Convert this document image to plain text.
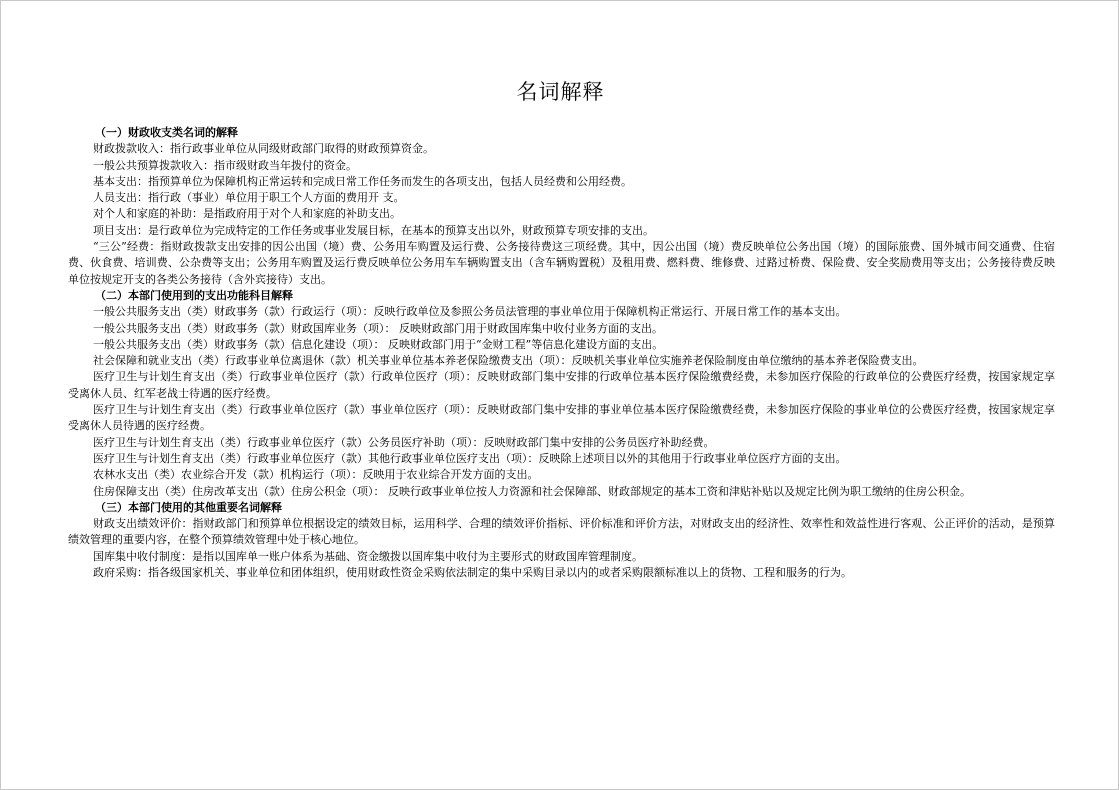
名词解释
（一）财政收支类名词的解释
财政拨款收入：指行政事业单位从同级财政部门取得的财政预算资金。
一般公共预算拨款收入：指市级财政当年拨付的资金。
基本支出：指预算单位为保障机构正常运转和完成日常工作任务而发生的各项支出，包括人员经费和公用经费。
人员支出：指行政（事业）单位用于职工个人方面的费用开 支。
对个人和家庭的补助：是指政府用于对个人和家庭的补助支出。
项目支出：是行政单位为完成特定的工作任务或事业发展目标，在基本的预算支出以外，财政预算专项安排的支出。
“三公”经费：指财政拨款支出安排的因公出国（境）费、公务用车购置及运行费、公务接待费这三项经费。其中，因公出国（境）费反映单位公务出国（境）的国际旅费、国外城市间交通费、住宿费、伙食费、培训费、公杂费等支出；公务用车购置及运行费反映单位公务用车车辆购置支出（含车辆购置税）及租用费、燃料费、维修费、过路过桥费、保险费、安全奖励费用等支出；公务接待费反映单位按规定开支的各类公务接待（含外宾接待）支出。
（二）本部门使用到的支出功能科目解释
一般公共服务支出（类）财政事务（款）行政运行（项）：反映行政单位及参照公务员法管理的事业单位用于保障机构正常运行、开展日常工作的基本支出。
一般公共服务支出（类）财政事务（款）财政国库业务（项）： 反映财政部门用于财政国库集中收付业务方面的支出。
一般公共服务支出（类）财政事务（款）信息化建设（项）： 反映财政部门用于“金财工程”等信息化建设方面的支出。
社会保障和就业支出（类）行政事业单位离退休（款）机关事业单位基本养老保险缴费支出（项）：反映机关事业单位实施养老保险制度由单位缴纳的基本养老保险费支出。
医疗卫生与计划生育支出（类）行政事业单位医疗（款）行政单位医疗（项）：反映财政部门集中安排的行政单位基本医疗保险缴费经费，未参加医疗保险的行政单位的公费医疗经费，按国家规定享受离休人员、红军老战士待遇的医疗经费。
医疗卫生与计划生育支出（类）行政事业单位医疗（款）事业单位医疗（项）：反映财政部门集中安排的事业单位基本医疗保险缴费经费，未参加医疗保险的事业单位的公费医疗经费，按国家规定享受离休人员待遇的医疗经费。
医疗卫生与计划生育支出（类）行政事业单位医疗（款）公务员医疗补助（项）：反映财政部门集中安排的公务员医疗补助经费。
医疗卫生与计划生育支出（类）行政事业单位医疗（款）其他行政事业单位医疗支出（项）：反映除上述项目以外的其他用于行政事业单位医疗方面的支出。
农林水支出（类）农业综合开发（款）机构运行（项）：反映用于农业综合开发方面的支出。
住房保障支出（类）住房改革支出（款）住房公积金（项）： 反映行政事业单位按人力资源和社会保障部、财政部规定的基本工资和津贴补贴以及规定比例为职工缴纳的住房公积金。
（三）本部门使用的其他重要名词解释
财政支出绩效评价：指财政部门和预算单位根据设定的绩效目标，运用科学、合理的绩效评价指标、评价标准和评价方法，对财政支出的经济性、效率性和效益性进行客观、公正评价的活动，是预算绩效管理的重要内容，在整个预算绩效管理中处于核心地位。
国库集中收付制度：是指以国库单一账户体系为基础、资金缴拨以国库集中收付为主要形式的财政国库管理制度。
政府采购：指各级国家机关、事业单位和团体组织，使用财政性资金采购依法制定的集中采购目录以内的或者采购限额标准以上的货物、工程和服务的行为。
